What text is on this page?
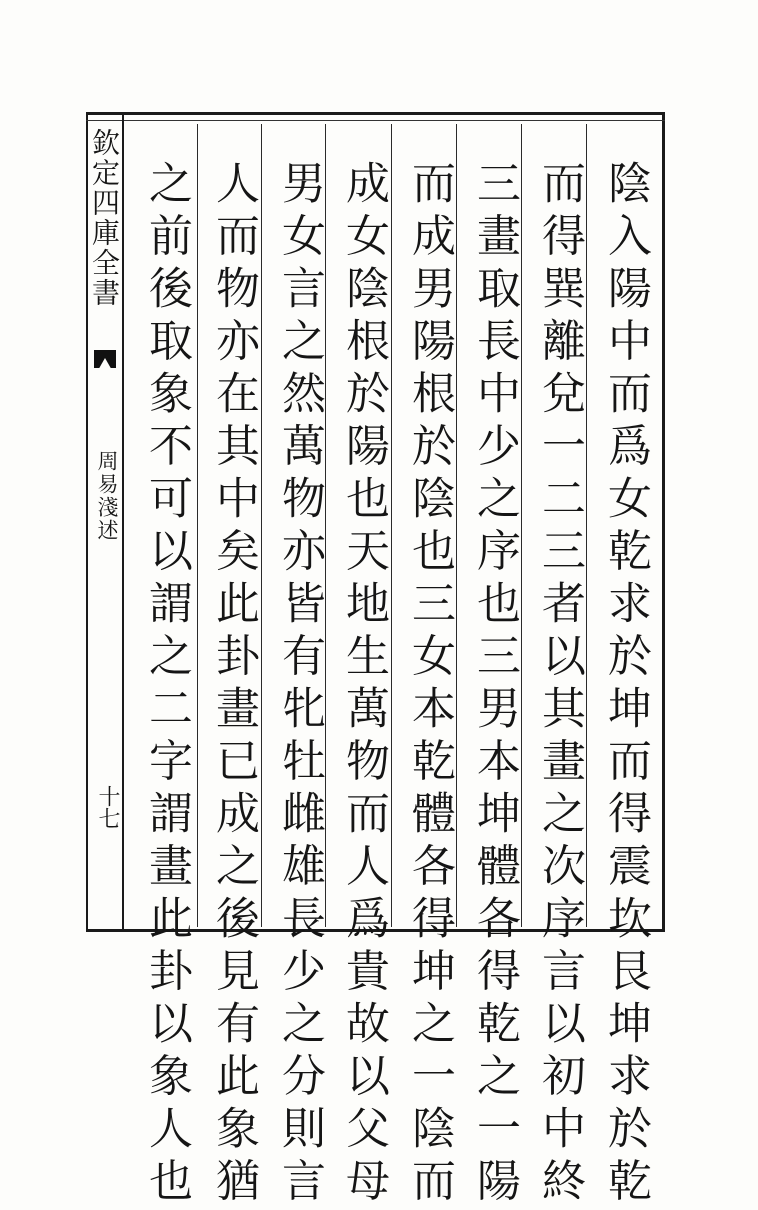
欽定四庫全書
周易淺述
十七	陰入陽中而爲女乾求於坤而得震坎艮坤求於乾
而得巽離兌一二三者以其畫之次序言以初中終
三畫取長中少之序也三男本坤體各得乾之一陽
而成男陽根於陰也三女本乾體各得坤之一陰而
成女陰根於陽也天地生萬物而人爲貴故以父母
男女言之然萬物亦皆有牝牡雌雄長少之分則言
人而物亦在其中矣此卦畫已成之後見有此象猶
之前後取象不可以謂之二字謂畫此卦以象人也
